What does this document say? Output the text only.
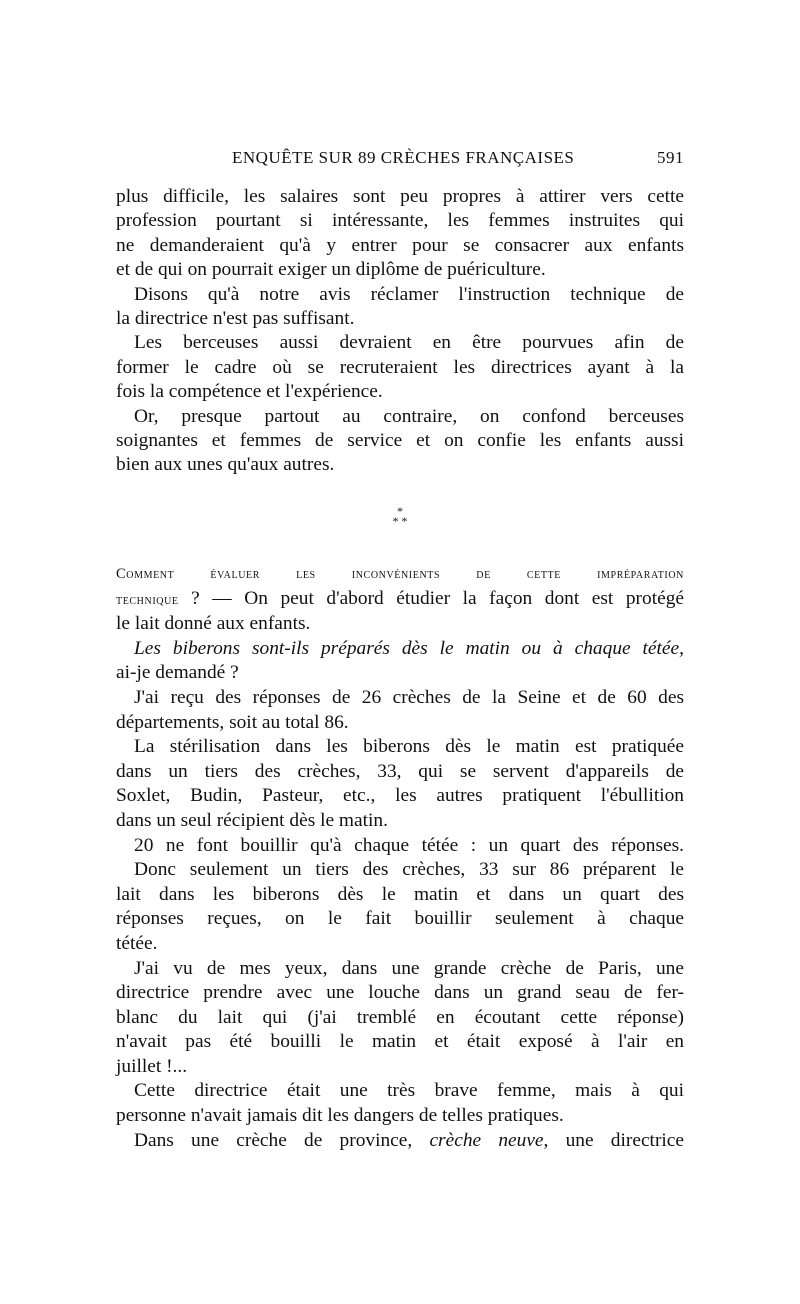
ENQUÊTE SUR 89 CRÈCHES FRANÇAISES	591
plus difficile, les salaires sont peu propres à attirer vers cette
profession pourtant si intéressante, les femmes instruites qui
ne demanderaient qu'à y entrer pour se consacrer aux enfants
et de qui on pourrait exiger un diplôme de puériculture.
Disons qu'à notre avis réclamer l'instruction technique de
la directrice n'est pas suffisant.
Les berceuses aussi devraient en être pourvues afin de
former le cadre où se recruteraient les directrices ayant à la
fois la compétence et l'expérience.
Or, presque partout au contraire, on confond berceuses
soignantes et femmes de service et on confie les enfants aussi
bien aux unes qu'aux autres.
*
* *
Comment évaluer les inconvénients de cette impréparation
technique ? — On peut d'abord étudier la façon dont est protégé
le lait donné aux enfants.
Les biberons sont-ils préparés dès le matin ou à chaque tétée,
ai-je demandé ?
J'ai reçu des réponses de 26 crèches de la Seine et de 60 des
départements, soit au total 86.
La stérilisation dans les biberons dès le matin est pratiquée
dans un tiers des crèches, 33, qui se servent d'appareils de
Soxlet, Budin, Pasteur, etc., les autres pratiquent l'ébullition
dans un seul récipient dès le matin.
20 ne font bouillir qu'à chaque tétée : un quart des réponses.
Donc seulement un tiers des crèches, 33 sur 86 préparent le
lait dans les biberons dès le matin et dans un quart des
réponses reçues, on le fait bouillir seulement à chaque
tétée.
J'ai vu de mes yeux, dans une grande crèche de Paris, une
directrice prendre avec une louche dans un grand seau de fer-
blanc du lait qui (j'ai tremblé en écoutant cette réponse)
n'avait pas été bouilli le matin et était exposé à l'air en
juillet !...
Cette directrice était une très brave femme, mais à qui
personne n'avait jamais dit les dangers de telles pratiques.
Dans une crèche de province, crèche neuve, une directrice
